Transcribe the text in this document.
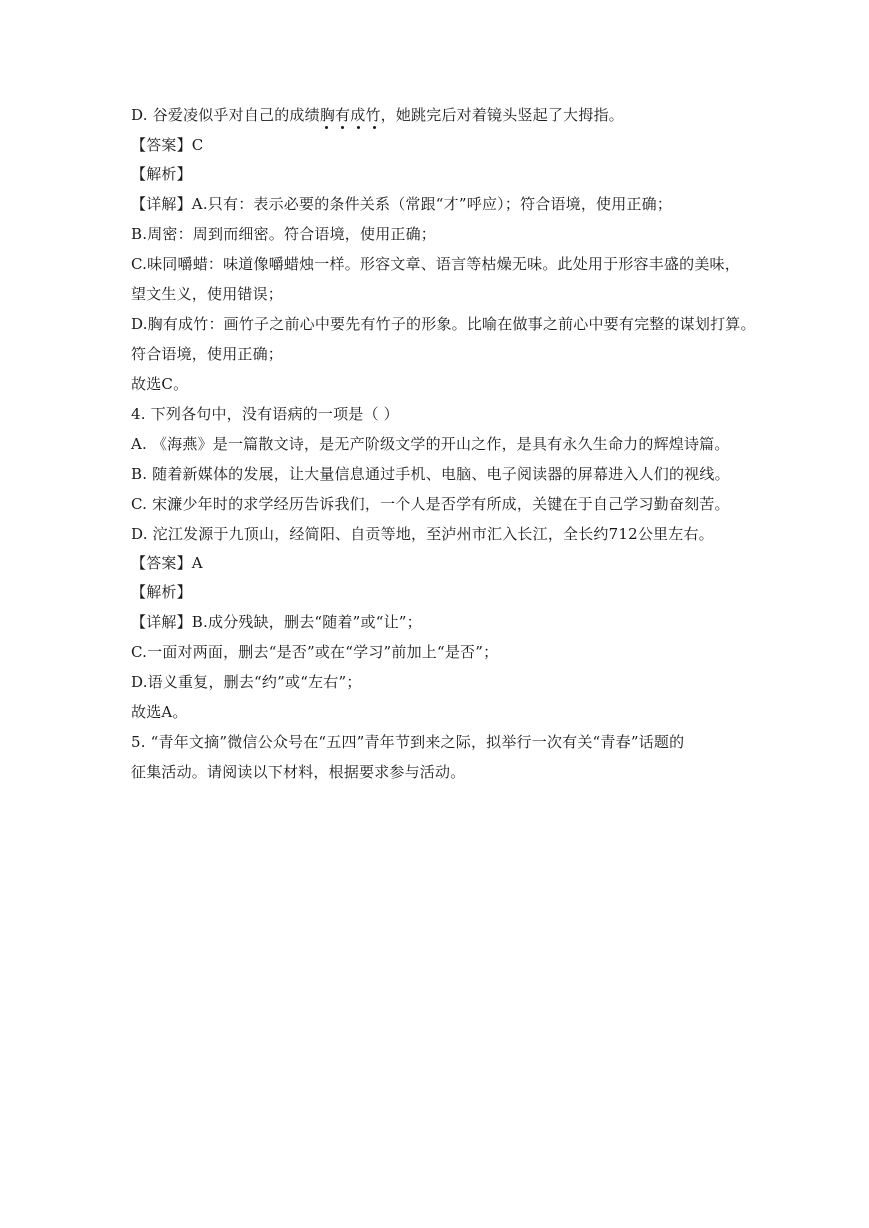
D. 谷爱凌似乎对自己的成绩胸有成竹
，她跳完后对着镜头竖起了大拇指。
【答案】C
【解析】
【详解】A.只有：表示必要的条件关系（常跟“才”呼应）；符合语境，使用正确；
B.周密：周到而细密。符合语境，使用正确；
C.味同嚼蜡：味道像嚼蜡烛一样。形容文章、语言等枯燥无味。此处用于形容丰盛的美味，
望文生义，使用错误；
D.胸有成竹：画竹子之前心中要先有竹子的形象。比喻在做事之前心中要有完整的谋划打算。
符合语境，使用正确；
故选C。
4. 下列各句中，没有语病的一项是（ ）
A. 《海燕》是一篇散文诗，是无产阶级文学的开山之作，是具有永久生命力的辉煌诗篇。
B. 随着新媒体的发展，让大量信息通过手机、电脑、电子阅读器的屏幕进入人们的视线。
C. 宋濂少年时的求学经历告诉我们，一个人是否学有所成，关键在于自己学习勤奋刻苦。
D. 沱江发源于九顶山，经简阳、自贡等地，至泸州市汇入长江，全长约712公里左右。
【答案】A
【解析】
【详解】B.成分残缺，删去“随着”或“让”；
C.一面对两面，删去“是否”或在“学习”前加上“是否”；
D.语义重复，删去“约”或“左右”；
故选A。
5. “青年文摘”微信公众号在“五四”青年节到来之际，拟举行一次有关“青春”话题的
征集活动。请阅读以下材料，根据要求参与活动。
